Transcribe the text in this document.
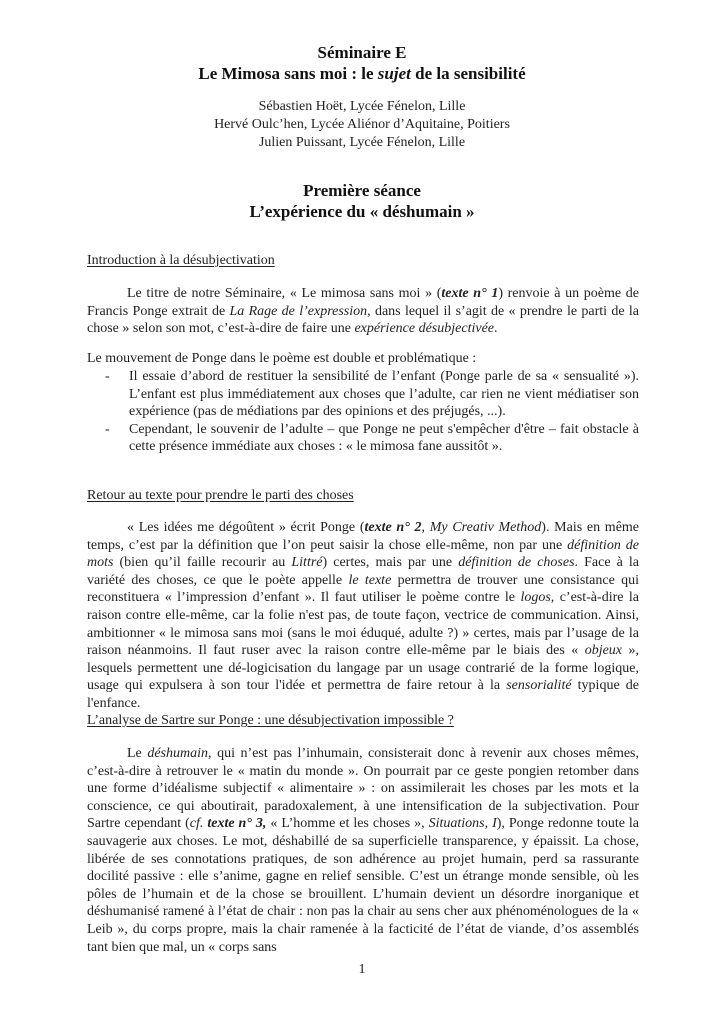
Séminaire E
Le Mimosa sans moi : le sujet de la sensibilité
Sébastien Hoët, Lycée Fénelon, Lille
Hervé Oulc’hen, Lycée Aliénor d’Aquitaine, Poitiers
Julien Puissant, Lycée Fénelon, Lille
Première séance
L’expérience du « déshumain »
Introduction à la désubjectivation
Le titre de notre Séminaire, « Le mimosa sans moi » (texte n° 1) renvoie à un poème de Francis Ponge extrait de La Rage de l’expression, dans lequel il s’agit de « prendre le parti de la chose » selon son mot, c’est-à-dire de faire une expérience désubjectivée.
Le mouvement de Ponge dans le poème est double et problématique :
- Il essaie d’abord de restituer la sensibilité de l’enfant (Ponge parle de sa « sensualité »). L’enfant est plus immédiatement aux choses que l’adulte, car rien ne vient médiatiser son expérience (pas de médiations par des opinions et des préjugés, ...).
- Cependant, le souvenir de l’adulte – que Ponge ne peut s'empêcher d'être – fait obstacle à cette présence immédiate aux choses : « le mimosa fane aussitôt ».
Retour au texte pour prendre le parti des choses
« Les idées me dégoûtent » écrit Ponge (texte n° 2, My Creativ Method). Mais en même temps, c’est par la définition que l’on peut saisir la chose elle-même, non par une définition de mots (bien qu’il faille recourir au Littré) certes, mais par une définition de choses. Face à la variété des choses, ce que le poète appelle le texte permettra de trouver une consistance qui reconstituera « l’impression d’enfant ». Il faut utiliser le poème contre le logos, c’est-à-dire la raison contre elle-même, car la folie n'est pas, de toute façon, vectrice de communication. Ainsi, ambitionner « le mimosa sans moi (sans le moi éduqué, adulte ?) » certes, mais par l’usage de la raison néanmoins. Il faut ruser avec la raison contre elle-même par le biais des « objeux », lesquels permettent une dé-logicisation du langage par un usage contrarié de la forme logique, usage qui expulsera à son tour l'idée et permettra de faire retour à la sensorialité typique de l'enfance.
L’analyse de Sartre sur Ponge : une désubjectivation impossible ?
Le déshumain, qui n’est pas l’inhumain, consisterait donc à revenir aux choses mêmes, c’est-à-dire à retrouver le « matin du monde ». On pourrait par ce geste pongien retomber dans une forme d’idéalisme subjectif « alimentaire » : on assimilerait les choses par les mots et la conscience, ce qui aboutirait, paradoxalement, à une intensification de la subjectivation. Pour Sartre cependant (cf. texte n° 3, « L’homme et les choses », Situations, I), Ponge redonne toute la sauvagerie aux choses. Le mot, déshabillé de sa superficielle transparence, y épaissit. La chose, libérée de ses connotations pratiques, de son adhérence au projet humain, perd sa rassurante docilité passive : elle s’anime, gagne en relief sensible. C’est un étrange monde sensible, où les pôles de l’humain et de la chose se brouillent. L’humain devient un désordre inorganique et déshumanisé ramené à l’état de chair : non pas la chair au sens cher aux phénoménologues de la « Leib », du corps propre, mais la chair ramenée à la facticité de l’état de viande, d’os assemblés tant bien que mal, un « corps sans
1
